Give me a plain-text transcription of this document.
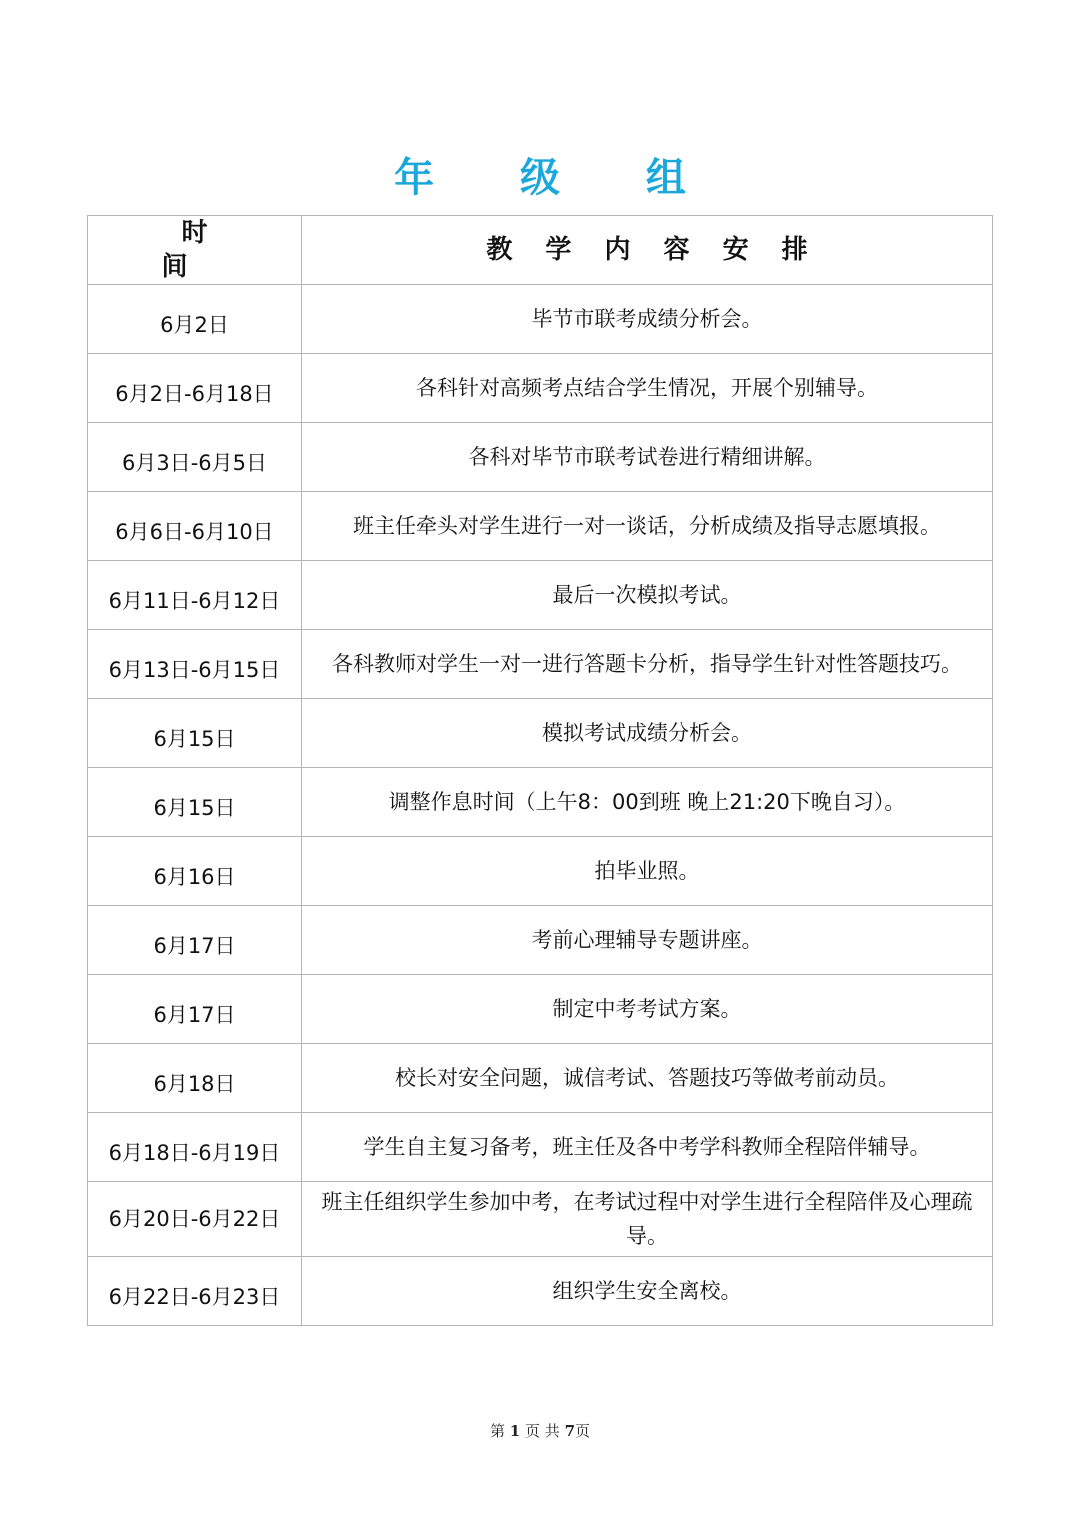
年 级 组
时 间	教 学 内 容 安 排
6月2日	毕节市联考成绩分析会。
6月2日-6月18日	各科针对高频考点结合学生情况，开展个别辅导。
6月3日-6月5日	各科对毕节市联考试卷进行精细讲解。
6月6日-6月10日	班主任牵头对学生进行一对一谈话，分析成绩及指导志愿填报。
6月11日-6月12日	最后一次模拟考试。
6月13日-6月15日	各科教师对学生一对一进行答题卡分析，指导学生针对性答题技巧。
6月15日	模拟考试成绩分析会。
6月15日	调整作息时间（上午8：00到班 晚上21:20下晚自习）。
6月16日	拍毕业照。
6月17日	考前心理辅导专题讲座。
6月17日	制定中考考试方案。
6月18日	校长对安全问题，诚信考试、答题技巧等做考前动员。
6月18日-6月19日	学生自主复习备考，班主任及各中考学科教师全程陪伴辅导。
6月20日-6月22日	班主任组织学生参加中考，在考试过程中对学生进行全程陪伴及心理疏导。
6月22日-6月23日	组织学生安全离校。
第 1 页 共 7页
